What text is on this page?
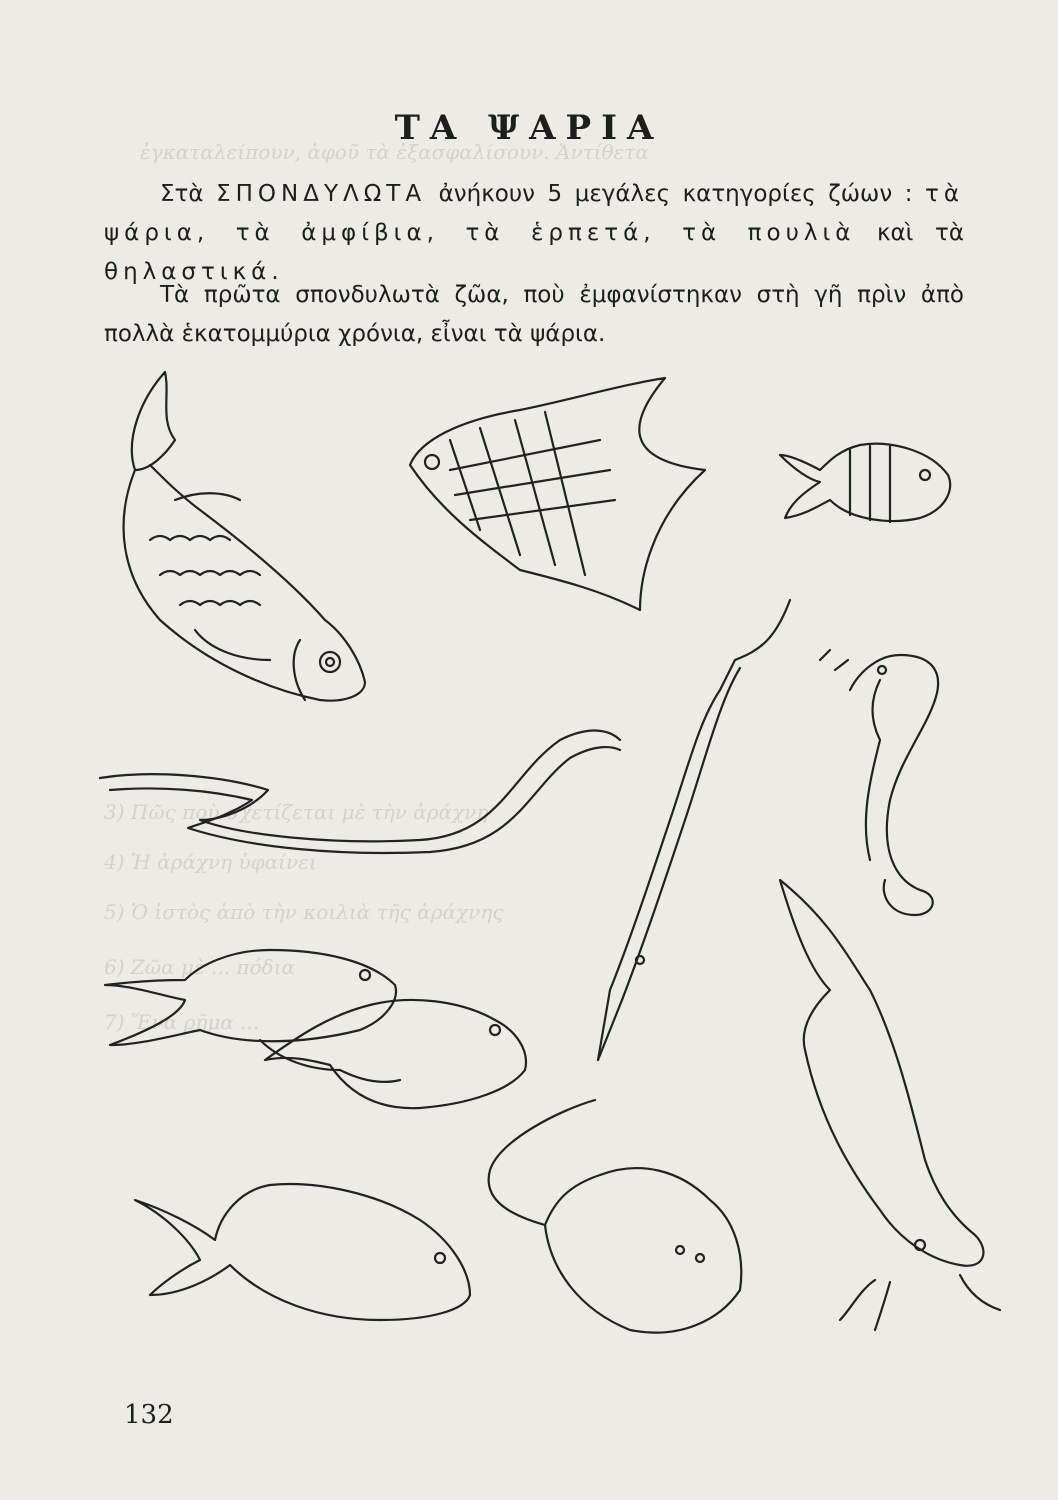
ἐγκαταλείπουν, ἀφοῦ τὰ ἐξασφαλίσουν. Ἀντίθετα
3) Πῶς ποὺ σχετίζεται μὲ τὴν ἀράχνη
4) Ἡ ἀράχνη ὑφαίνει
5) Ὁ ἱστὸς ἀπὸ τὴν κοιλιὰ τῆς ἀράχνης
6) Ζῶα μὲ ... πόδια
7) Ἕνα ρῆμα ...
ΤΑ ΨΑΡΙΑ
Στὰ ΣΠΟΝΔΥΛΩΤΑ ἀνήκουν 5 μεγάλες κατηγορίες ζώων : τὰ ψάρια, τὰ ἀμφίβια, τὰ ἑρπετά, τὰ πουλιὰ καὶ τὰ θηλαστικά.
Τὰ πρῶτα σπονδυλωτὰ ζῶα, ποὺ ἐμφανίστηκαν στὴ γῆ πρὶν ἀπὸ πολλὰ ἑκατομμύρια χρόνια, εἶναι τὰ ψάρια.
132
